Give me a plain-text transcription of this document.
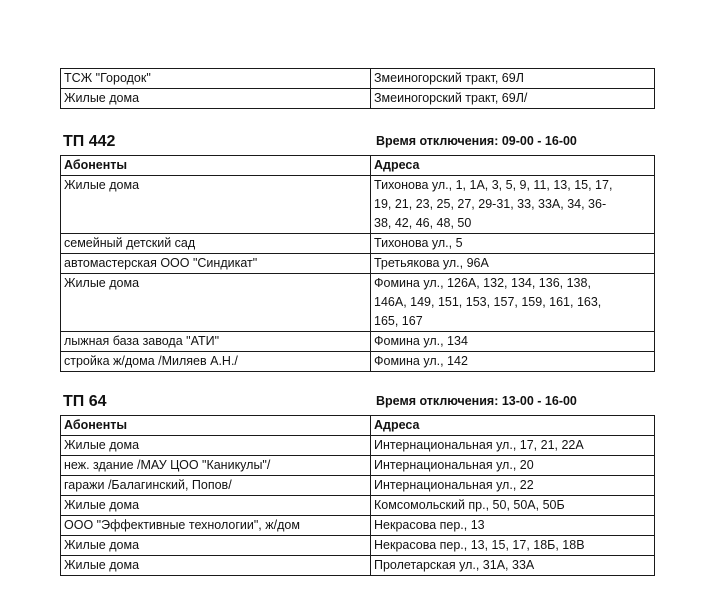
ТСЖ "Городок"	Змеиногорский тракт, 69Л
Жилые дома	Змеиногорский тракт, 69Л/
ТП 442	Время отключения: 09-00 - 16-00
Абоненты	Адреса
Жилые дома	Тихонова ул., 1, 1А, 3, 5, 9, 11, 13, 15, 17,
19, 21, 23, 25, 27, 29-31, 33, 33А, 34, 36-
38, 42, 46, 48, 50

семейный детский сад	Тихонова ул., 5

автомастерская ООО "Синдикат"	Третьякова ул., 96А

Жилые дома	Фомина ул., 126А, 132, 134, 136, 138,
146А, 149, 151, 153, 157, 159, 161, 163,
165, 167

лыжная база завода "АТИ"	Фомина ул., 134

стройка ж/дома /Миляев А.Н./	Фомина ул., 142
ТП 64	Время отключения: 13-00 - 16-00
Абоненты	Адреса
Жилые дома	Интернациональная ул., 17, 21, 22А
неж. здание /МАУ ЦОО "Каникулы"/	Интернациональная ул., 20
гаражи /Балагинский, Попов/	Интернациональная ул., 22
Жилые дома	Комсомольский пр., 50, 50А, 50Б
ООО "Эффективные технологии", ж/дом	Некрасова пер., 13
Жилые дома	Некрасова пер., 13, 15, 17, 18Б, 18В
Жилые дома	Пролетарская ул., 31А, 33А
